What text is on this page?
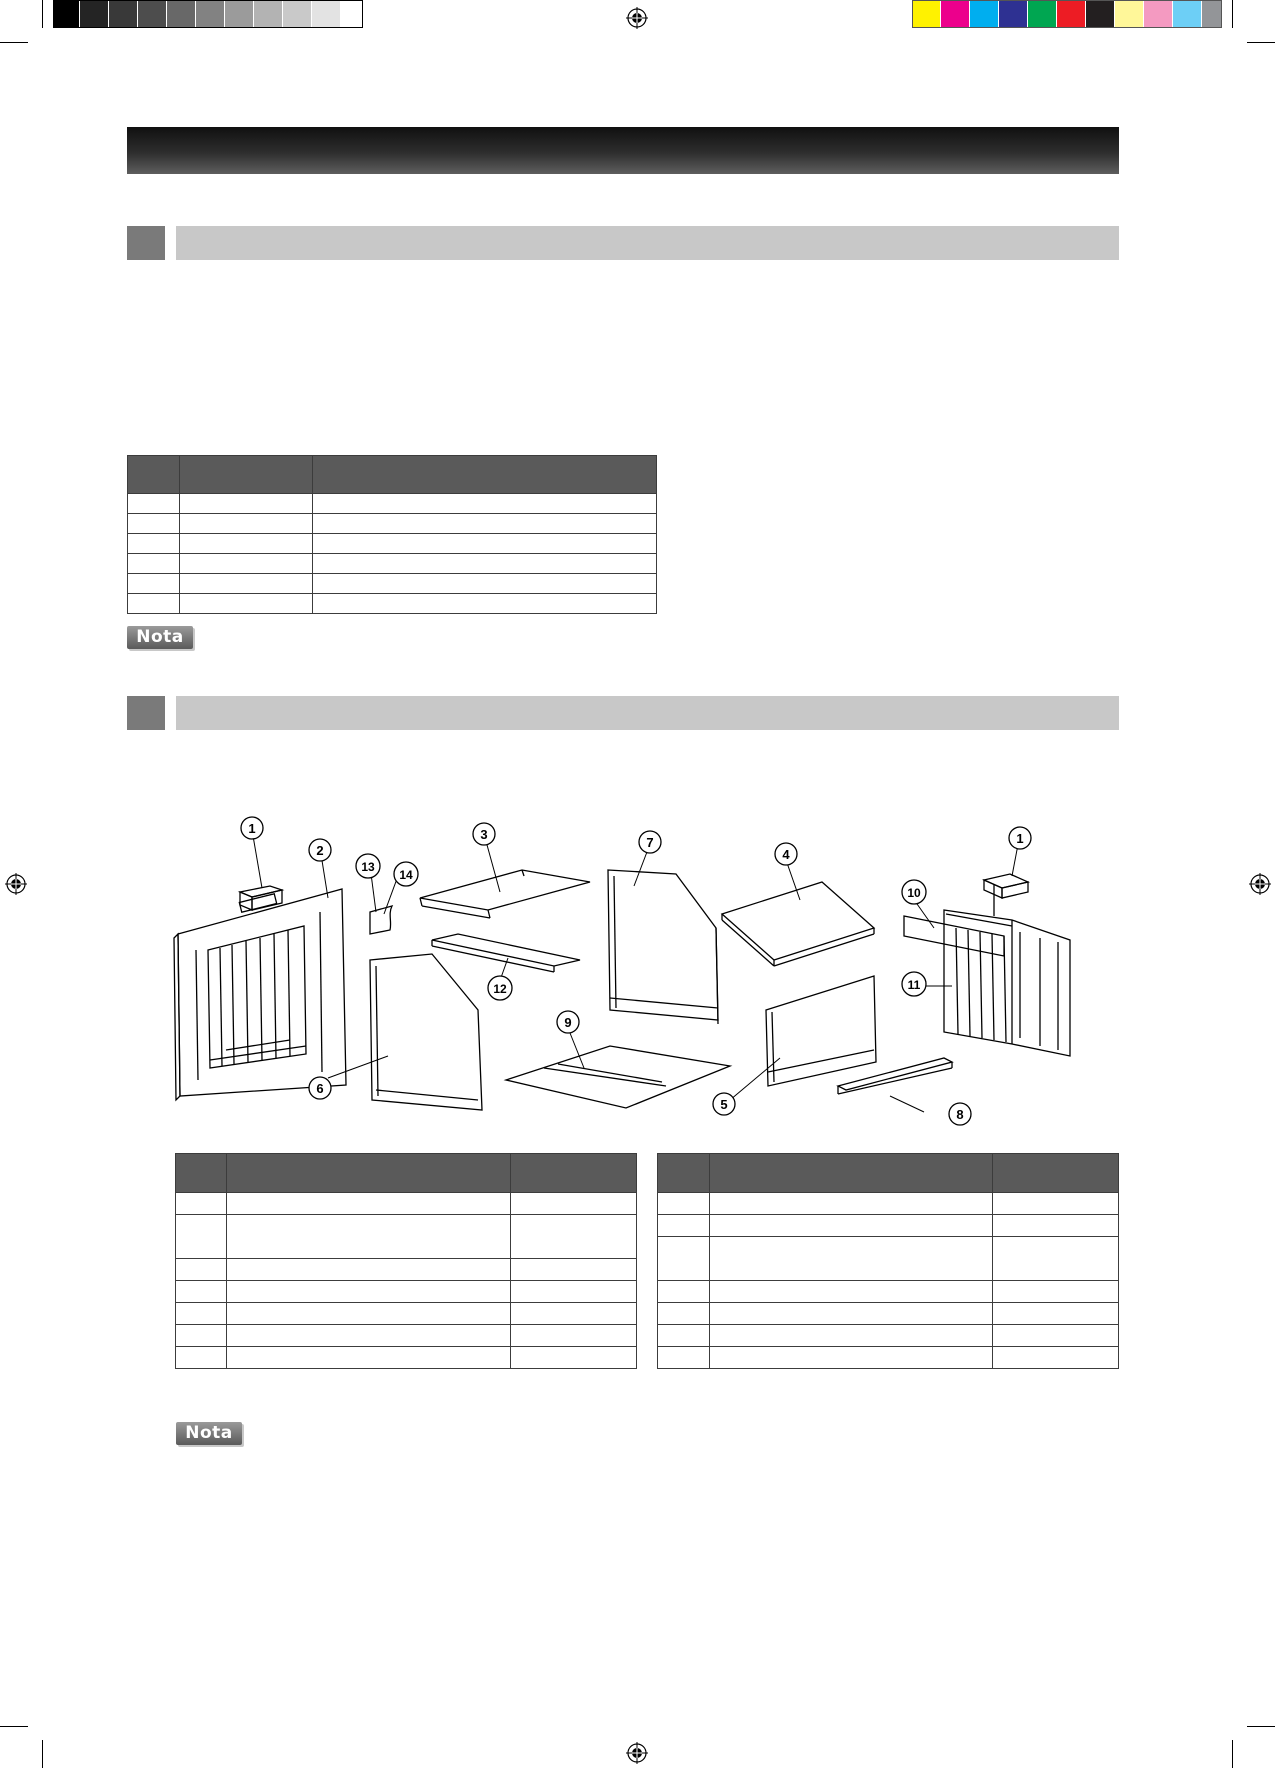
Nota
1
2
3
7
4
1
13
14
10
12	11
9
6
5
8

Nota
